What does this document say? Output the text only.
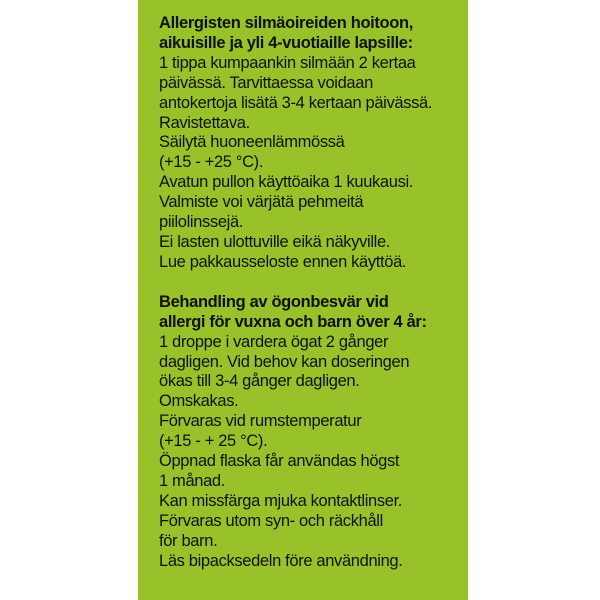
Allergisten silmäoireiden hoitoon,
aikuisille ja yli 4-vuotiaille lapsille:
1 tippa kumpaankin silmään 2 kertaa
päivässä. Tarvittaessa voidaan
antokertoja lisätä 3-4 kertaan päivässä.
Ravistettava.
Säilytä huoneenlämmössä
(+15 - +25 °C).
Avatun pullon käyttöaika 1 kuukausi.
Valmiste voi värjätä pehmeitä
piilolinssejä.
Ei lasten ulottuville eikä näkyville.
Lue pakkausseloste ennen käyttöä.
Behandling av ögonbesvär vid
allergi för vuxna och barn över 4 år:
1 droppe i vardera ögat 2 gånger
dagligen. Vid behov kan doseringen
ökas till 3-4 gånger dagligen.
Omskakas.
Förvaras vid rumstemperatur
(+15 - + 25 °C).
Öppnad flaska får användas högst
1 månad.
Kan missfärga mjuka kontaktlinser.
Förvaras utom syn- och räckhåll
för barn.
Läs bipacksedeln före användning.
